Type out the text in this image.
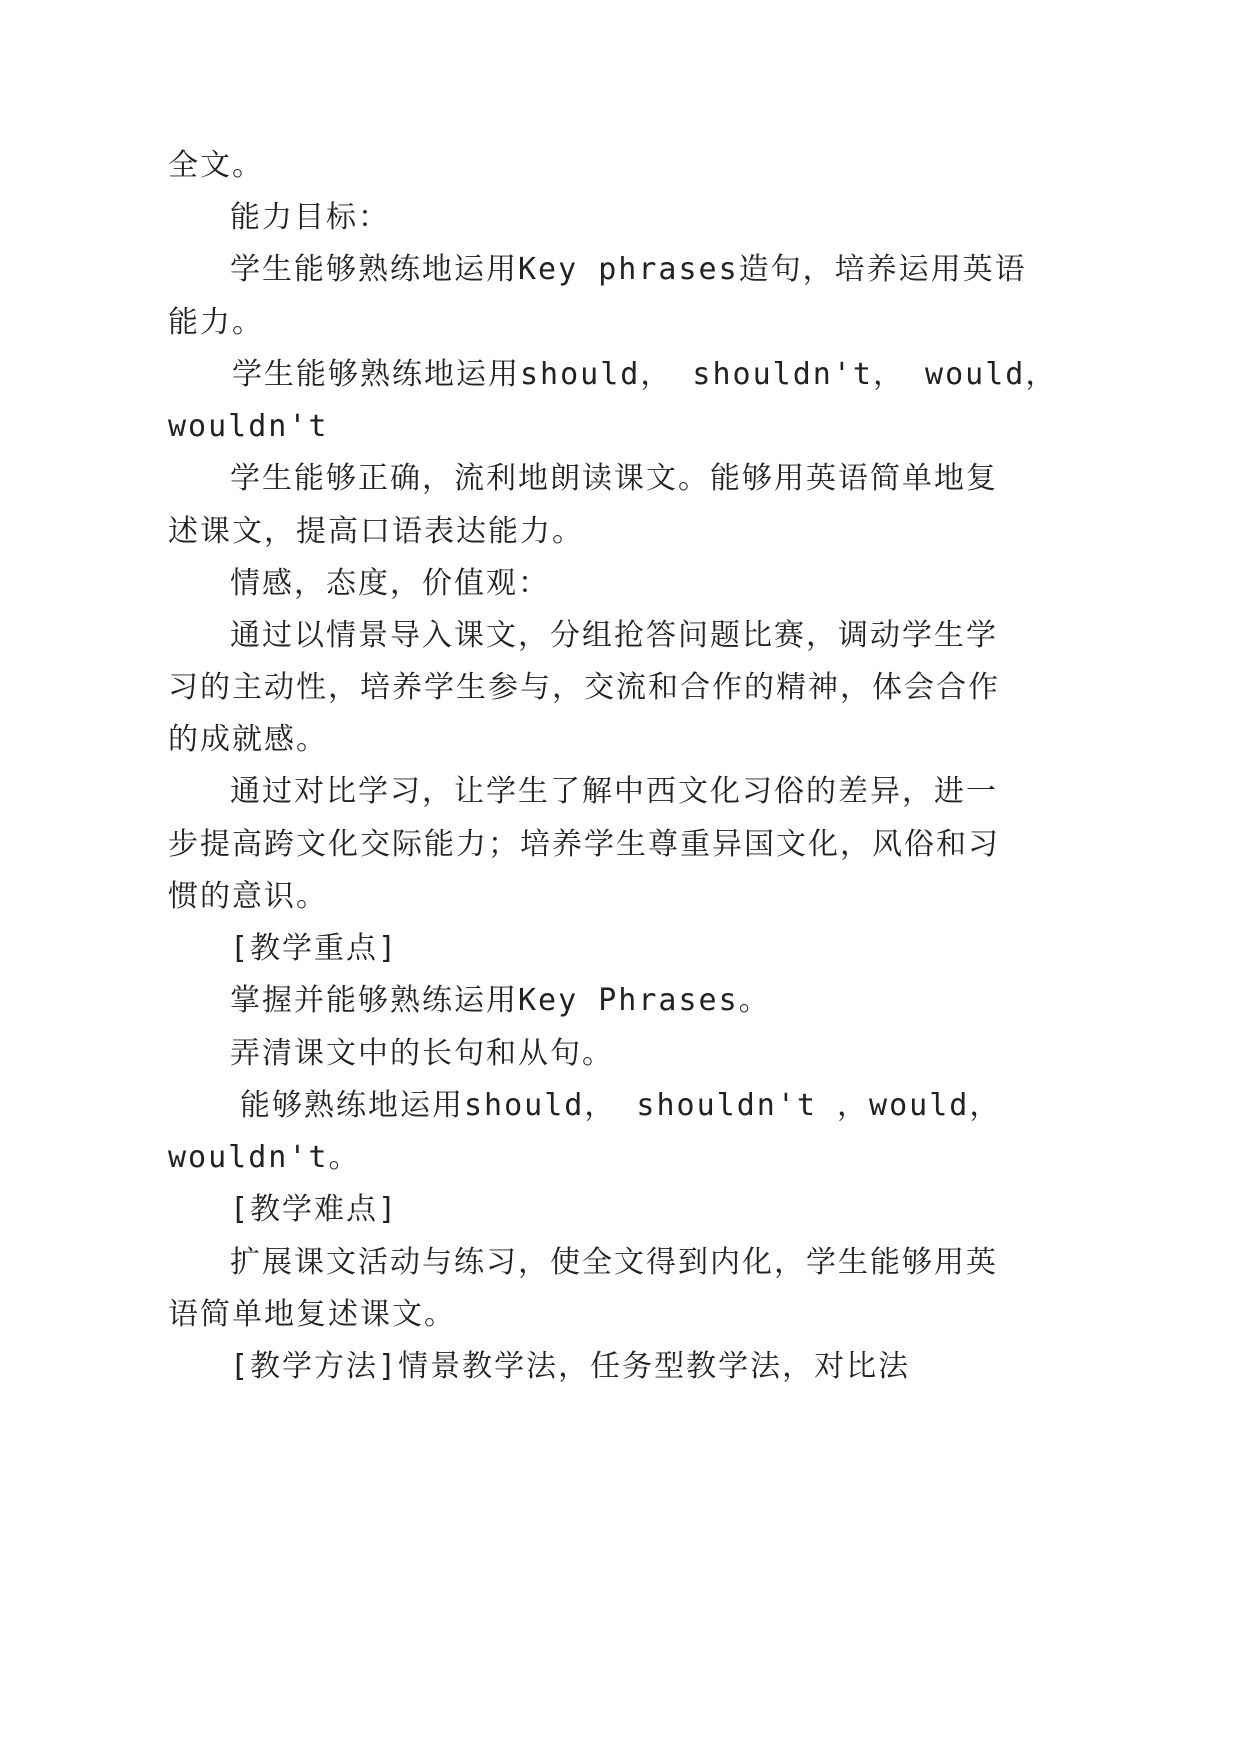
全文。

能力目标：

学生能够熟练地运用Key phrases造句，培养运用英语

能力。

学生能够熟练地运用should， shouldn't， would，

wouldn't

学生能够正确，流利地朗读课文。能够用英语简单地复

述课文，提高口语表达能力。

情感，态度，价值观：

通过以情景导入课文，分组抢答问题比赛，调动学生学

习的主动性，培养学生参与，交流和合作的精神，体会合作

的成就感。

通过对比学习，让学生了解中西文化习俗的差异，进一

步提高跨文化交际能力；培养学生尊重异国文化，风俗和习

惯的意识。

[教学重点]

掌握并能够熟练运用Key Phrases。

弄清课文中的长句和从句。

能够熟练地运用should， shouldn't ，would，

wouldn't。

[教学难点]

扩展课文活动与练习，使全文得到内化，学生能够用英

语简单地复述课文。

[教学方法]情景教学法，任务型教学法，对比法
